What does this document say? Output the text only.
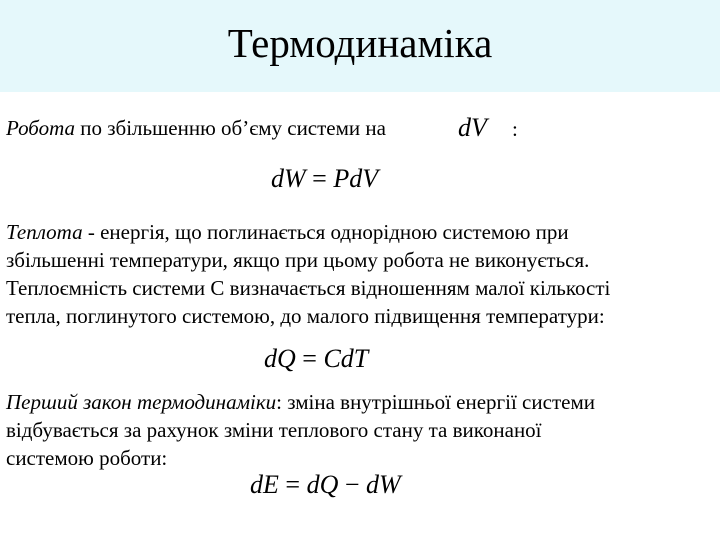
Термодинаміка
Робота по збільшенню об’єму системи на	dV :
dW = PdV
Теплота - енергія, що поглинається однорідною системою при
збільшенні температури, якщо при цьому робота не виконується.
Теплоємність системи С визначається відношенням малої кількості
тепла, поглинутого системою, до малого підвищення температури:
dQ = CdT
Перший закон термодинаміки: зміна внутрішньої енергії системи
відбувається за рахунок зміни теплового стану та виконаної
системою роботи:
dE = dQ − dW
